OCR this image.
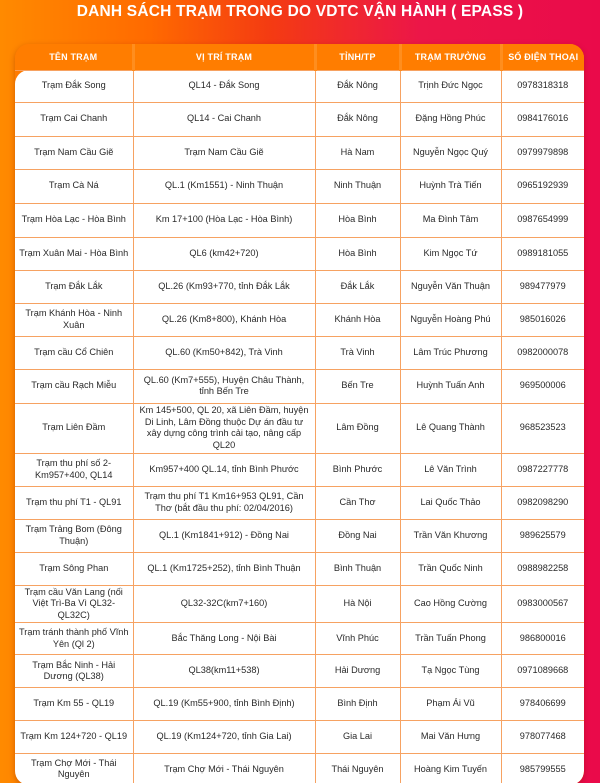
DANH SÁCH TRẠM TRONG DO VDTC VẬN HÀNH ( EPASS )
TÊN TRẠM	VỊ TRÍ TRẠM	TỈNH/TP	TRẠM TRƯỞNG	SỐ ĐIỆN THOẠI
Trạm Đắk Song	QL14 - Đắk Song	Đắk Nông	Trịnh Đức Ngọc	0978318318
Trạm Cai Chanh	QL14 - Cai Chanh	Đắk Nông	Đặng Hồng Phúc	0984176016
Trạm Nam Cầu Giẽ	Trạm Nam Cầu Giẽ	Hà Nam	Nguyễn Ngọc Quý	0979979898
Trạm Cà Ná	QL.1 (Km1551) - Ninh Thuận	Ninh Thuận	Huỳnh Trà Tiến	0965192939
Trạm Hòa Lạc - Hòa Bình	Km 17+100 (Hòa Lạc - Hòa Bình)	Hòa Bình	Ma Đình Tâm	0987654999
Trạm Xuân Mai - Hòa Bình	QL6 (km42+720)	Hòa Bình	Kim Ngọc Tứ	0989181055
Trạm Đắk Lắk	QL.26 (Km93+770, tỉnh Đắk Lắk	Đắk Lắk	Nguyễn Văn Thuận	989477979
Trạm Khánh Hòa - Ninh Xuân	QL.26 (Km8+800), Khánh Hòa	Khánh Hòa	Nguyễn Hoàng Phú	985016026
Trạm cầu Cổ Chiên	QL.60 (Km50+842), Trà Vinh	Trà Vinh	Lâm Trúc Phương	0982000078
Trạm cầu Rạch Miễu	QL.60 (Km7+555), Huyện Châu Thành, tỉnh Bến Tre	Bến Tre	Huỳnh Tuấn Anh	969500006
Trạm Liên Đầm	Km 145+500, QL 20, xã Liên Đầm, huyện Di Linh, Lâm Đồng thuộc Dự án đầu tư xây dựng công trình cải tạo, nâng cấp QL20	Lâm Đồng	Lê Quang Thành	968523523
Trạm thu phí số 2-Km957+400, QL14	Km957+400 QL.14, tỉnh Bình Phước	Bình Phước	Lê Văn Trình	0987227778
Trạm thu phí T1 - QL91	Trạm thu phí T1 Km16+953 QL91, Cần Thơ (bắt đầu thu phí: 02/04/2016)	Cần Thơ	Lai Quốc Thảo	0982098290
Trạm Trảng Bom (Đông Thuận)	QL.1 (Km1841+912) - Đồng Nai	Đồng Nai	Trần Văn Khương	989625579
Trạm Sông Phan	QL.1 (Km1725+252), tỉnh Bình Thuận	Bình Thuận	Trần Quốc Ninh	0988982258
Trạm cầu Văn Lang (nối Việt Trì-Ba Vì QL32-QL32C)	QL32-32C(km7+160)	Hà Nội	Cao Hồng Cường	0983000567
Trạm tránh thành phố Vĩnh Yên (Ql 2)	Bắc Thăng Long - Nội Bài	Vĩnh Phúc	Trần Tuấn Phong	986800016
Trạm Bắc Ninh - Hải Dương (QL38)	QL38(km11+538)	Hải Dương	Tạ Ngọc Tùng	0971089668
Trạm Km 55 - QL19	QL.19 (Km55+900, tỉnh Bình Định)	Bình Định	Phạm Ái Vũ	978406699
Trạm Km 124+720 - QL19	QL.19 (Km124+720, tỉnh Gia Lai)	Gia Lai	Mai Văn Hưng	978077468
Trạm Chợ Mới - Thái Nguyên	Trạm Chợ Mới - Thái Nguyên	Thái Nguyên	Hoàng Kim Tuyến	985799555
